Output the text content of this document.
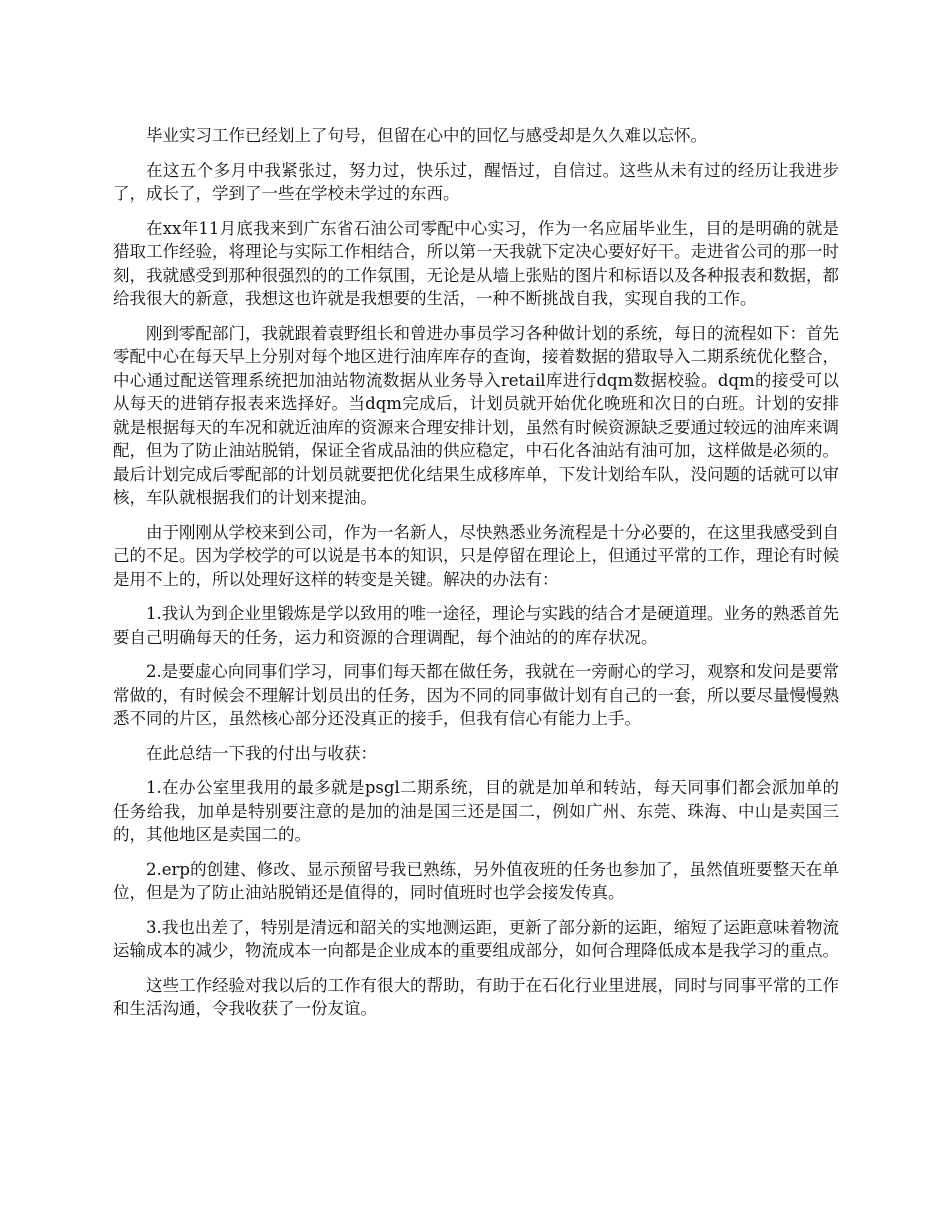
毕业实习工作已经划上了句号，但留在心中的回忆与感受却是久久难以忘怀。

在这五个多月中我紧张过，努力过，快乐过，醒悟过，自信过。这些从未有过的经历让我进步了，成长了，学到了一些在学校未学过的东西。

在xx年11月底我来到广东省石油公司零配中心实习，作为一名应届毕业生，目的是明确的就是猎取工作经验，将理论与实际工作相结合，所以第一天我就下定决心要好好干。走进省公司的那一时刻，我就感受到那种很强烈的的工作氛围，无论是从墙上张贴的图片和标语以及各种报表和数据，都给我很大的新意，我想这也许就是我想要的生活，一种不断挑战自我，实现自我的工作。

刚到零配部门，我就跟着袁野组长和曾进办事员学习各种做计划的系统，每日的流程如下：首先零配中心在每天早上分别对每个地区进行油库库存的查询，接着数据的猎取导入二期系统优化整合，中心通过配送管理系统把加油站物流数据从业务导入retail库进行dqm数据校验。dqm的接受可以从每天的进销存报表来选择好。当dqm完成后，计划员就开始优化晚班和次日的白班。计划的安排就是根据每天的车况和就近油库的资源来合理安排计划，虽然有时候资源缺乏要通过较远的油库来调配，但为了防止油站脱销，保证全省成品油的供应稳定，中石化各油站有油可加，这样做是必须的。最后计划完成后零配部的计划员就要把优化结果生成移库单，下发计划给车队，没问题的话就可以审核，车队就根据我们的计划来提油。

由于刚刚从学校来到公司，作为一名新人，尽快熟悉业务流程是十分必要的，在这里我感受到自己的不足。因为学校学的可以说是书本的知识，只是停留在理论上，但通过平常的工作，理论有时候是用不上的，所以处理好这样的转变是关键。解决的办法有：

1.我认为到企业里锻炼是学以致用的唯一途径，理论与实践的结合才是硬道理。业务的熟悉首先要自己明确每天的任务，运力和资源的合理调配，每个油站的的库存状况。

2.是要虚心向同事们学习，同事们每天都在做任务，我就在一旁耐心的学习，观察和发问是要常常做的，有时候会不理解计划员出的任务，因为不同的同事做计划有自己的一套，所以要尽量慢慢熟悉不同的片区，虽然核心部分还没真正的接手，但我有信心有能力上手。

在此总结一下我的付出与收获：

1.在办公室里我用的最多就是psgl二期系统，目的就是加单和转站，每天同事们都会派加单的任务给我，加单是特别要注意的是加的油是国三还是国二，例如广州、东莞、珠海、中山是卖国三的，其他地区是卖国二的。

2.erp的创建、修改、显示预留号我已熟练，另外值夜班的任务也参加了，虽然值班要整天在单位，但是为了防止油站脱销还是值得的，同时值班时也学会接发传真。

3.我也出差了，特别是清远和韶关的实地测运距，更新了部分新的运距，缩短了运距意味着物流运输成本的减少，物流成本一向都是企业成本的重要组成部分，如何合理降低成本是我学习的重点。

这些工作经验对我以后的工作有很大的帮助，有助于在石化行业里进展，同时与同事平常的工作和生活沟通，令我收获了一份友谊。
